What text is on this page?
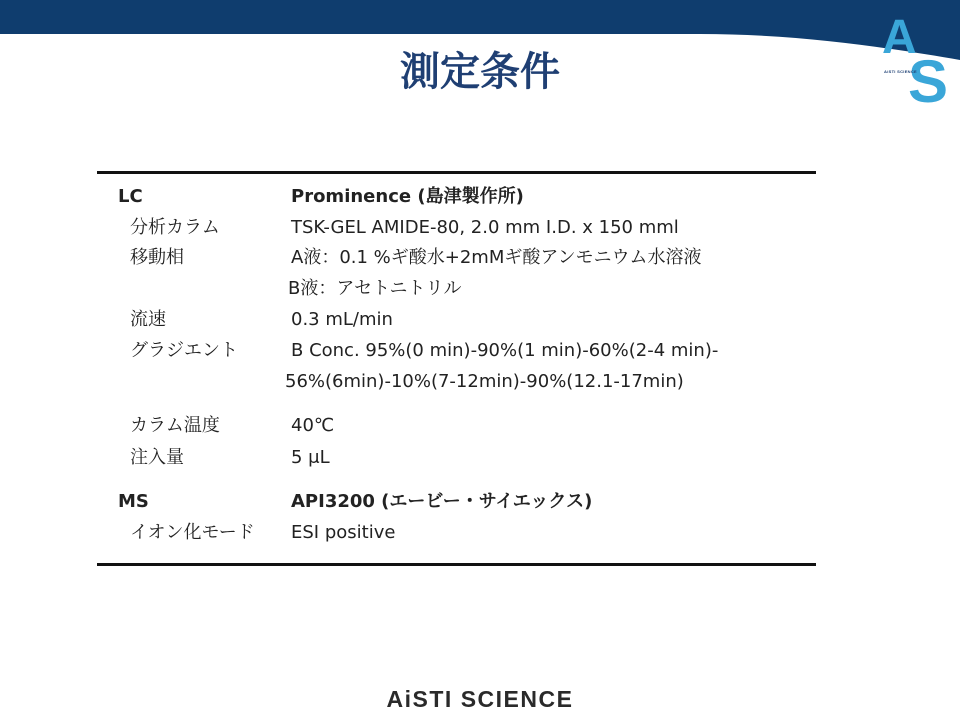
A
S
AiSTI SCIENCE
測定条件
LC	Prominence (島津製作所)
分析カラム	TSK-GEL AMIDE-80, 2.0 mm I.D. x 150 mml
移動相	A液：0.1 %ギ酸水+2mMギ酸アンモニウム水溶液
B液：アセトニトリル
流速	0.3 mL/min
グラジエント	B Conc. 95%(0 min)-90%(1 min)-60%(2-4 min)-
56%(6min)-10%(7-12min)-90%(12.1-17min)
カラム温度	40℃
注入量	5 μL
MS	API3200 (エービー・サイエックス)
イオン化モード ESI positive
AiSTI SCIENCE
